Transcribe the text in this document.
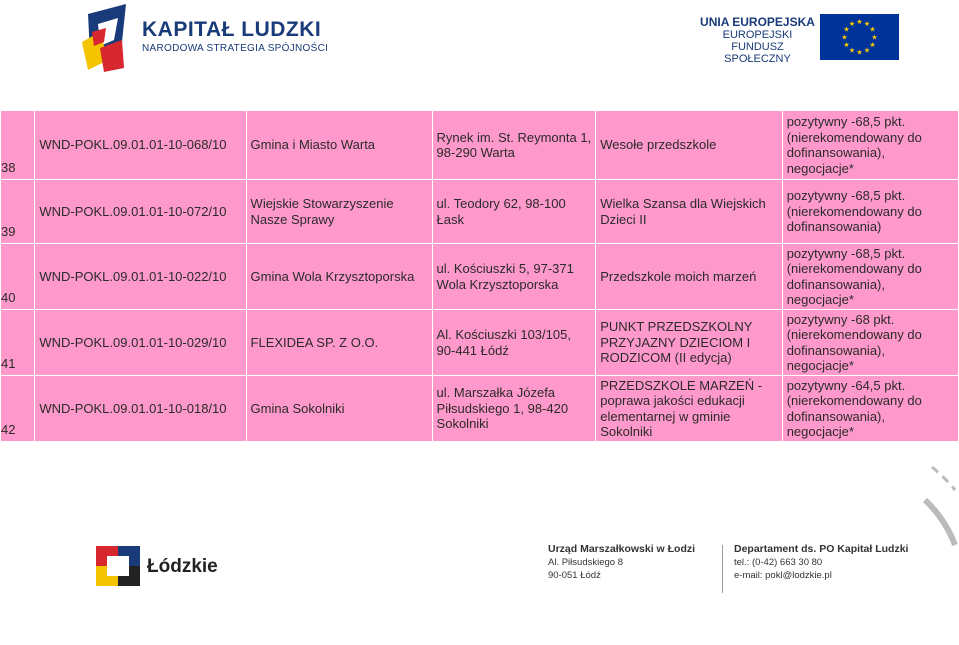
KAPITAŁ LUDZKI
NARODOWA STRATEGIA SPÓJNOŚCI
UNIA EUROPEJSKA
EUROPEJSKI
FUNDUSZ SPOŁECZNY
★ ★
★
★
★
★
★
★
★
★
★
★
38	WND-POKL.09.01.01-10-068/10	Gmina i Miasto Warta	Rynek im. St. Reymonta 1, 98-290 Warta	Wesołe przedszkole	pozytywny -68,5 pkt.(nierekomendowany do dofinansowania), negocjacje*

39	WND-POKL.09.01.01-10-072/10	Wiejskie Stowarzyszenie Nasze Sprawy	ul. Teodory 62, 98-100 Łask	Wielka Szansa dla Wiejskich Dzieci II	pozytywny -68,5 pkt.(nierekomendowany do dofinansowania)

40	WND-POKL.09.01.01-10-022/10	Gmina Wola Krzysztoporska	ul. Kościuszki 5, 97-371 Wola Krzysztoporska	Przedszkole moich marzeń	pozytywny -68,5 pkt.(nierekomendowany do dofinansowania), negocjacje*

41	WND-POKL.09.01.01-10-029/10	FLEXIDEA SP. Z O.O.	Al. Kościuszki 103/105, 90-441 Łódź	PUNKT PRZEDSZKOLNY PRZYJAZNY DZIECIOM I RODZICOM (II edycja)	pozytywny -68 pkt.(nierekomendowany do dofinansowania), negocjacje*

42	WND-POKL.09.01.01-10-018/10	Gmina Sokolniki	ul. Marszałka Józefa Piłsudskiego 1, 98-420 Sokolniki	PRZEDSZKOLE MARZEŃ - poprawa jakości edukacji elementarnej w gminie Sokolniki	pozytywny -64,5 pkt.(nierekomendowany do dofinansowania), negocjacje*
Łódzkie
Urząd Marszałkowski w Łodzi
Al. Piłsudskiego 8
90-051 Łódź
Departament ds. PO Kapitał Ludzki
tel.: (0-42) 663 30 80
e-mail: pokl@lodzkie.pl
